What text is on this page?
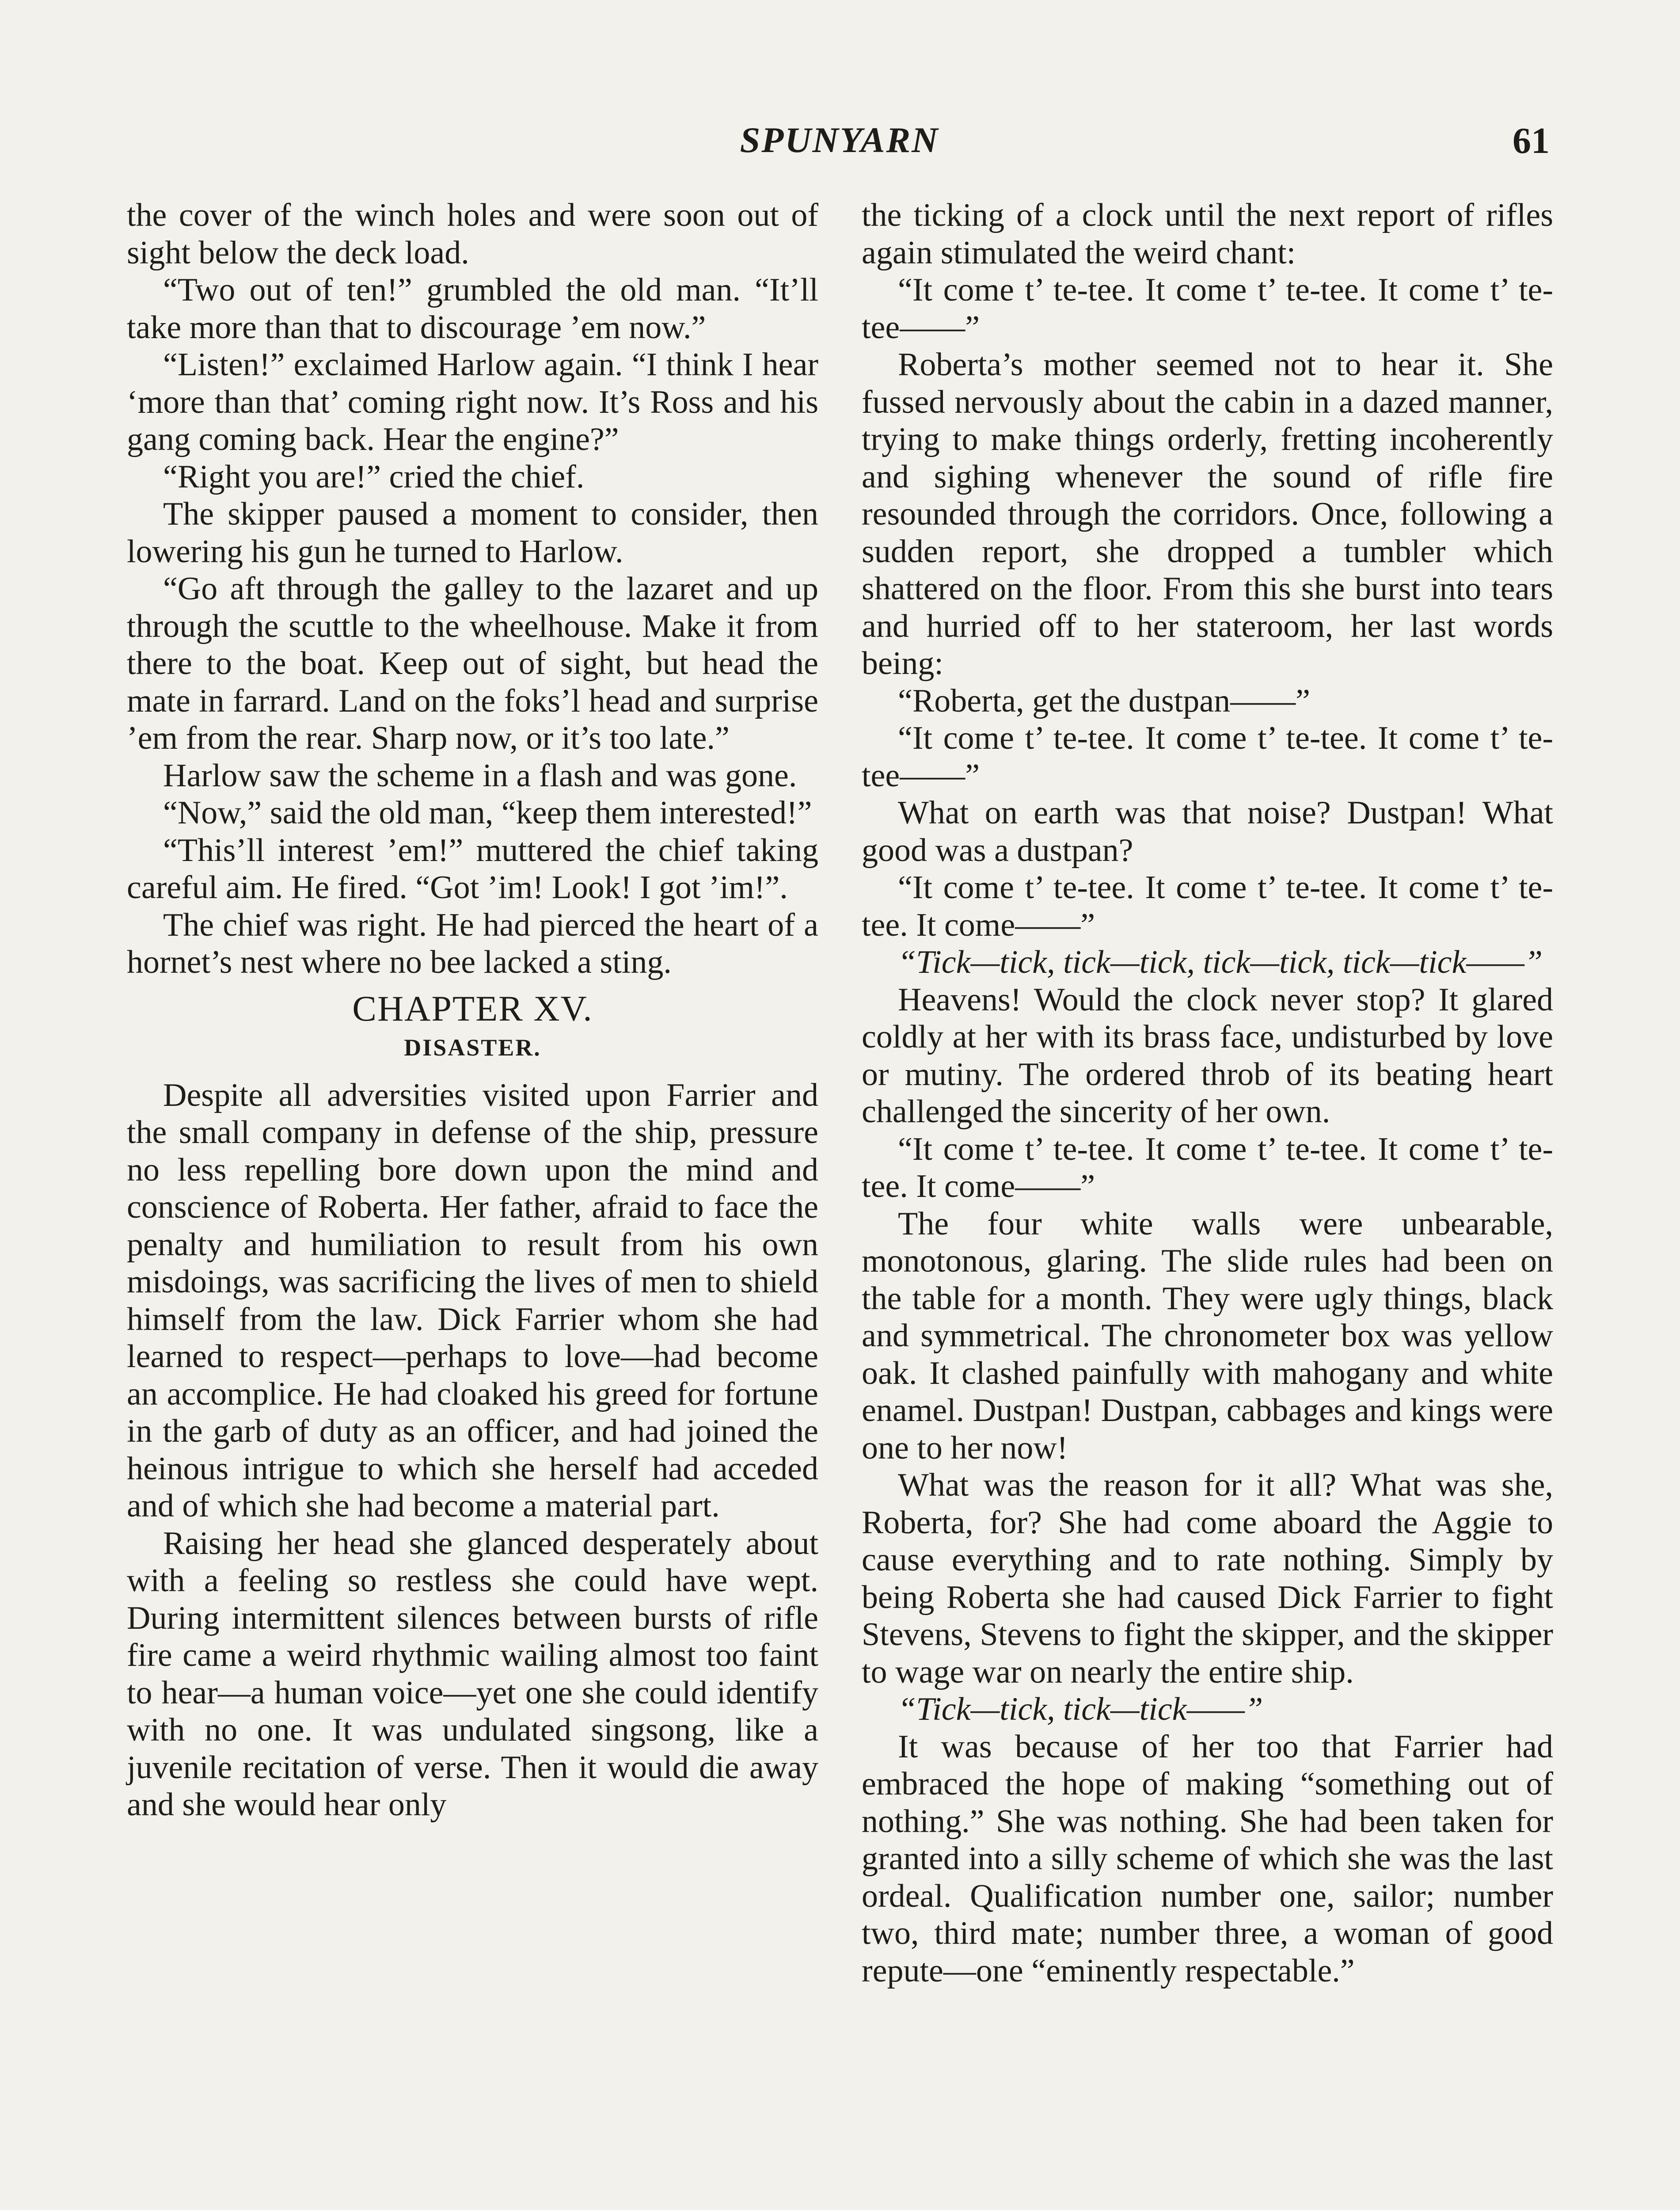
SPUNYARN	61

the cover of the winch holes and were soon out of sight below the deck load.

“Two out of ten!” grumbled the old man. “It’ll take more than that to discourage ’em now.”

“Listen!” exclaimed Harlow again. “I think I hear ‘more than that’ coming right now. It’s Ross and his gang coming back. Hear the engine?”

“Right you are!” cried the chief.

The skipper paused a moment to consider, then lowering his gun he turned to Harlow.

“Go aft through the galley to the lazaret and up through the scuttle to the wheelhouse. Make it from there to the boat. Keep out of sight, but head the mate in farrard. Land on the foks’l head and surprise ’em from the rear. Sharp now, or it’s too late.”

Harlow saw the scheme in a flash and was gone.

“Now,” said the old man, “keep them interested!”

“This’ll interest ’em!” muttered the chief taking careful aim. He fired. “Got ’im! Look! I got ’im!”.

The chief was right. He had pierced the heart of a hornet’s nest where no bee lacked a sting.

CHAPTER XV.
DISASTER.

Despite all adversities visited upon Farrier and the small company in defense of the ship, pressure no less repelling bore down upon the mind and conscience of Roberta. Her father, afraid to face the penalty and humiliation to result from his own misdoings, was sacrificing the lives of men to shield himself from the law. Dick Farrier whom she had learned to respect—perhaps to love—had become an accomplice. He had cloaked his greed for fortune in the garb of duty as an officer, and had joined the heinous intrigue to which she herself had acceded and of which she had become a material part.

Raising her head she glanced desperately about with a feeling so restless she could have wept. During intermittent silences between bursts of rifle fire came a weird rhythmic wailing almost too faint to hear—a human voice—yet one she could identify with no one. It was undulated singsong, like a juvenile recitation of verse. Then it would die away and she would hear only

the ticking of a clock until the next report of rifles again stimulated the weird chant:

“It come t’ te-tee. It come t’ te-tee. It come t’ te-tee——”

Roberta’s mother seemed not to hear it. She fussed nervously about the cabin in a dazed manner, trying to make things orderly, fretting incoherently and sighing whenever the sound of rifle fire resounded through the corridors. Once, following a sudden report, she dropped a tumbler which shattered on the floor. From this she burst into tears and hurried off to her stateroom, her last words being:

“Roberta, get the dustpan——”

“It come t’ te-tee. It come t’ te-tee. It come t’ te-tee——”

What on earth was that noise? Dustpan! What good was a dustpan?

“It come t’ te-tee. It come t’ te-tee. It come t’ te-tee. It come——”

“Tick—tick, tick—tick, tick—tick, tick—tick——”

Heavens! Would the clock never stop? It glared coldly at her with its brass face, undisturbed by love or mutiny. The ordered throb of its beating heart challenged the sincerity of her own.

“It come t’ te-tee. It come t’ te-tee. It come t’ te-tee. It come——”

The four white walls were unbearable, monotonous, glaring. The slide rules had been on the table for a month. They were ugly things, black and symmetrical. The chronometer box was yellow oak. It clashed painfully with mahogany and white enamel. Dustpan! Dustpan, cabbages and kings were one to her now!

What was the reason for it all? What was she, Roberta, for? She had come aboard the Aggie to cause everything and to rate nothing. Simply by being Roberta she had caused Dick Farrier to fight Stevens, Stevens to fight the skipper, and the skipper to wage war on nearly the entire ship.

“Tick—tick, tick—tick——”

It was because of her too that Farrier had embraced the hope of making “something out of nothing.” She was nothing. She had been taken for granted into a silly scheme of which she was the last ordeal. Qualification number one, sailor; number two, third mate; number three, a woman of good repute—one “eminently respectable.”
